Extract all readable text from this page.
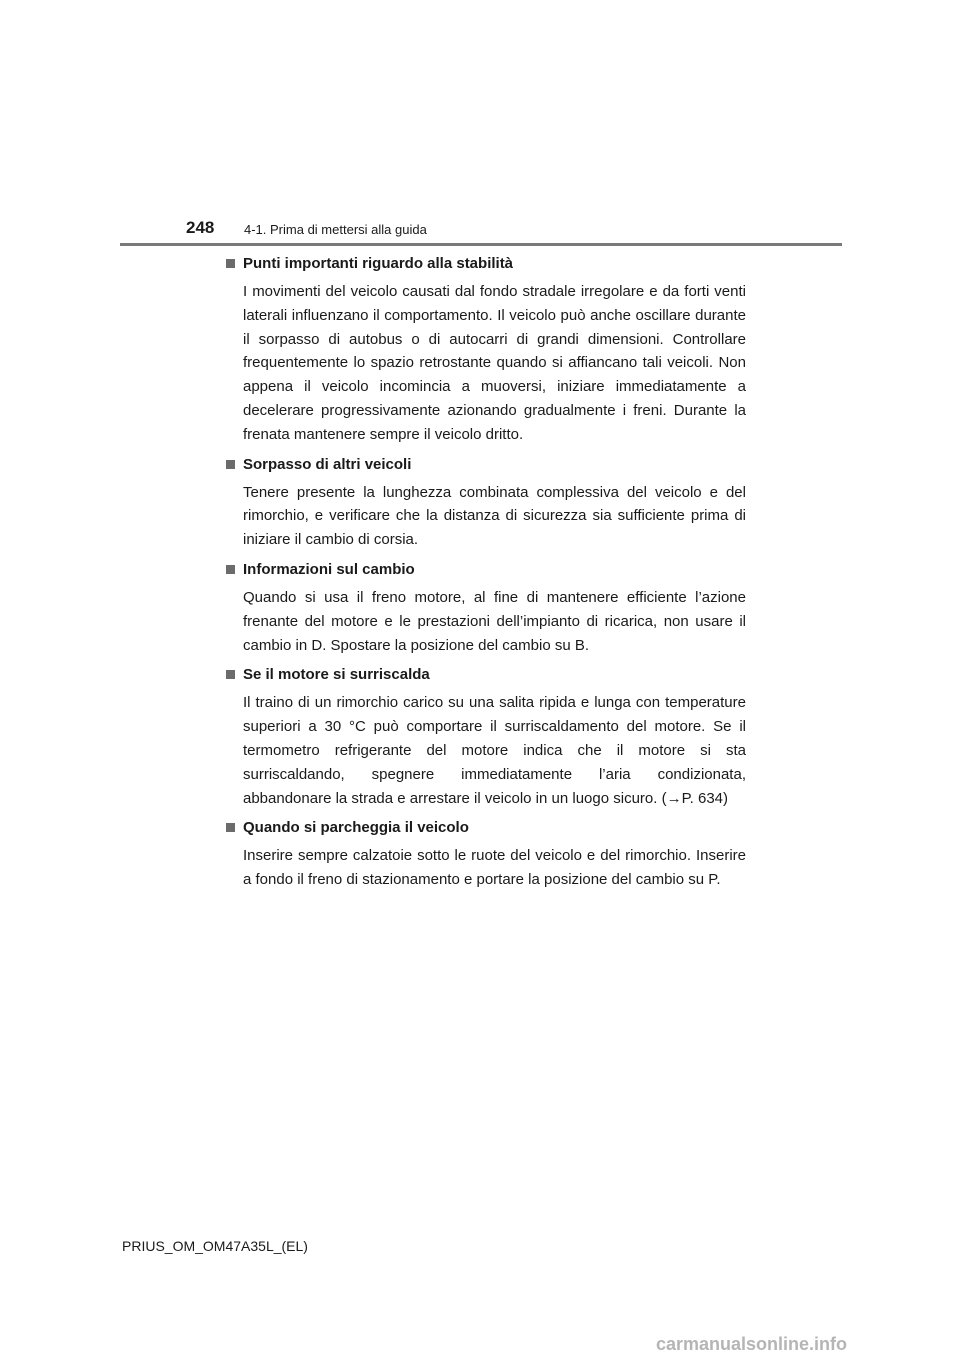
248 4-1. Prima di mettersi alla guida
Punti importanti riguardo alla stabilità

I movimenti del veicolo causati dal fondo stradale irregolare e da forti venti laterali influenzano il comportamento. Il veicolo può anche oscillare durante il sorpasso di autobus o di autocarri di grandi dimensioni. Controllare frequentemente lo spazio retrostante quando si affiancano tali veicoli. Non appena il veicolo incomincia a muoversi, iniziare immediatamente a decelerare progressivamente azionando gradualmente i freni. Durante la frenata mantenere sempre il veicolo dritto.

Sorpasso di altri veicoli

Tenere presente la lunghezza combinata complessiva del veicolo e del rimorchio, e verificare che la distanza di sicurezza sia sufficiente prima di iniziare il cambio di corsia.

Informazioni sul cambio

Quando si usa il freno motore, al fine di mantenere efficiente l’azione frenante del motore e le prestazioni dell’impianto di ricarica, non usare il cambio in D. Spostare la posizione del cambio su B.

Se il motore si surriscalda

Il traino di un rimorchio carico su una salita ripida e lunga con temperature superiori a 30 °C può comportare il surriscaldamento del motore. Se il termometro refrigerante del motore indica che il motore si sta surriscaldando, spegnere immediatamente l’aria condizionata, abbandonare la strada e arrestare il veicolo in un luogo sicuro. (→P. 634)

Quando si parcheggia il veicolo

Inserire sempre calzatoie sotto le ruote del veicolo e del rimorchio. Inserire a fondo il freno di stazionamento e portare la posizione del cambio su P.

PRIUS_OM_OM47A35L_(EL)
carmanualsonline.info
